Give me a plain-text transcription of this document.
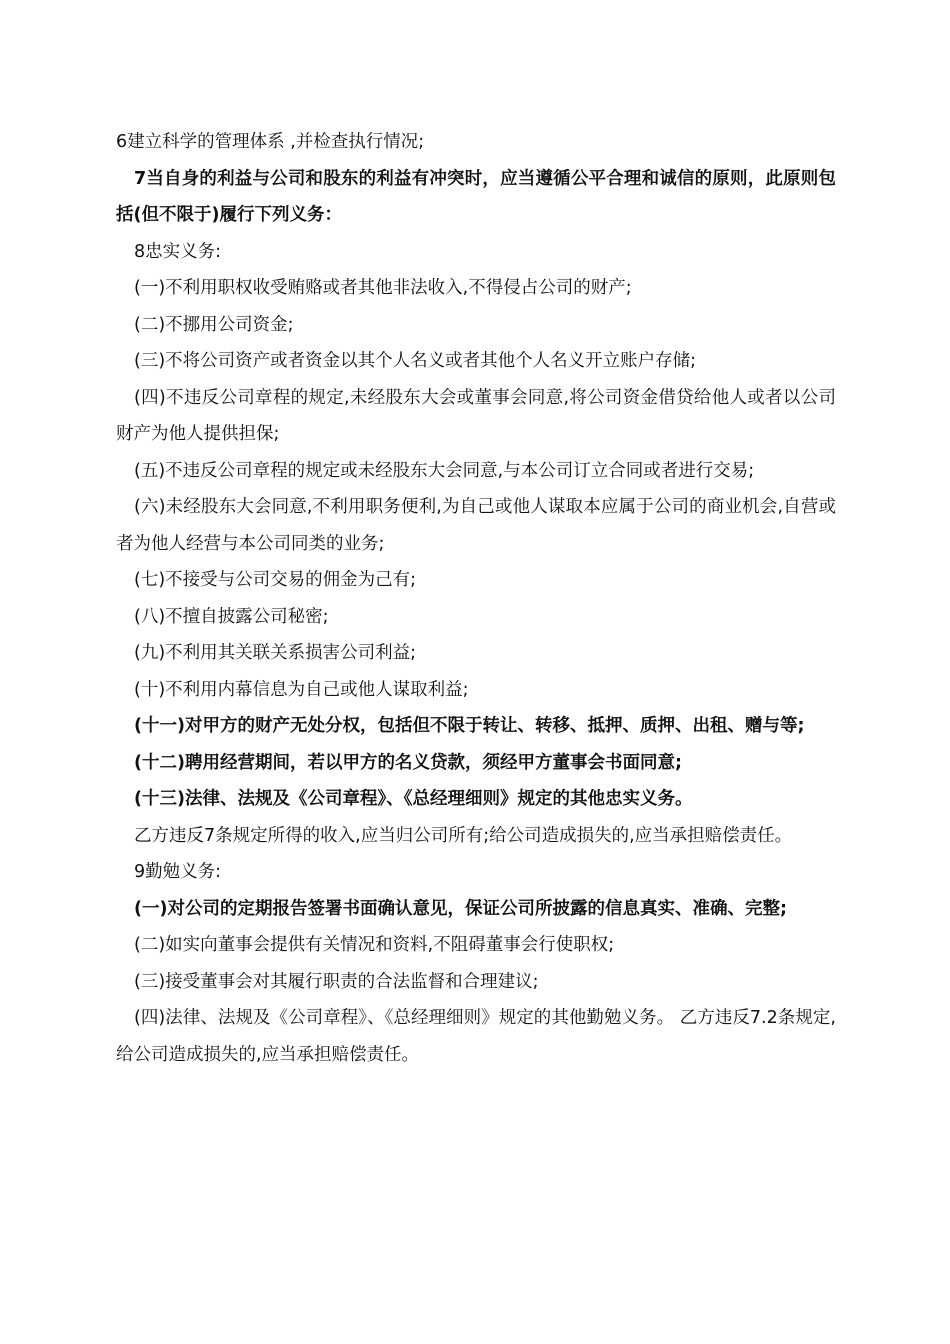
6建立科学的管理体系 ,并检查执行情况;

7当自身的利益与公司和股东的利益有冲突时，应当遵循公平合理和诚信的原则，此原则包括(但不限于)履行下列义务：

8忠实义务:

(一)不利用职权收受贿赂或者其他非法收入,不得侵占公司的财产;

(二)不挪用公司资金;

(三)不将公司资产或者资金以其个人名义或者其他个人名义开立账户存储;

(四)不违反公司章程的规定,未经股东大会或董事会同意,将公司资金借贷给他人或者以公司财产为他人提供担保;

(五)不违反公司章程的规定或未经股东大会同意,与本公司订立合同或者进行交易;

(六)未经股东大会同意,不利用职务便利,为自己或他人谋取本应属于公司的商业机会,自营或者为他人经营与本公司同类的业务;

(七)不接受与公司交易的佣金为己有;

(八)不擅自披露公司秘密;

(九)不利用其关联关系损害公司利益;

(十)不利用内幕信息为自己或他人谋取利益;

(十一)对甲方的财产无处分权，包括但不限于转让、转移、抵押、质押、出租、赠与等;

(十二)聘用经营期间，若以甲方的名义贷款，须经甲方董事会书面同意;

(十三)法律、法规及《公司章程》、《总经理细则》规定的其他忠实义务。

乙方违反7条规定所得的收入,应当归公司所有;给公司造成损失的,应当承担赔偿责任。

9勤勉义务:

(一)对公司的定期报告签署书面确认意见，保证公司所披露的信息真实、准确、完整;

(二)如实向董事会提供有关情况和资料,不阻碍董事会行使职权;

(三)接受董事会对其履行职责的合法监督和合理建议;

(四)法律、法规及《公司章程》、《总经理细则》规定的其他勤勉义务。 乙方违反7.2条规定,给公司造成损失的,应当承担赔偿责任。
